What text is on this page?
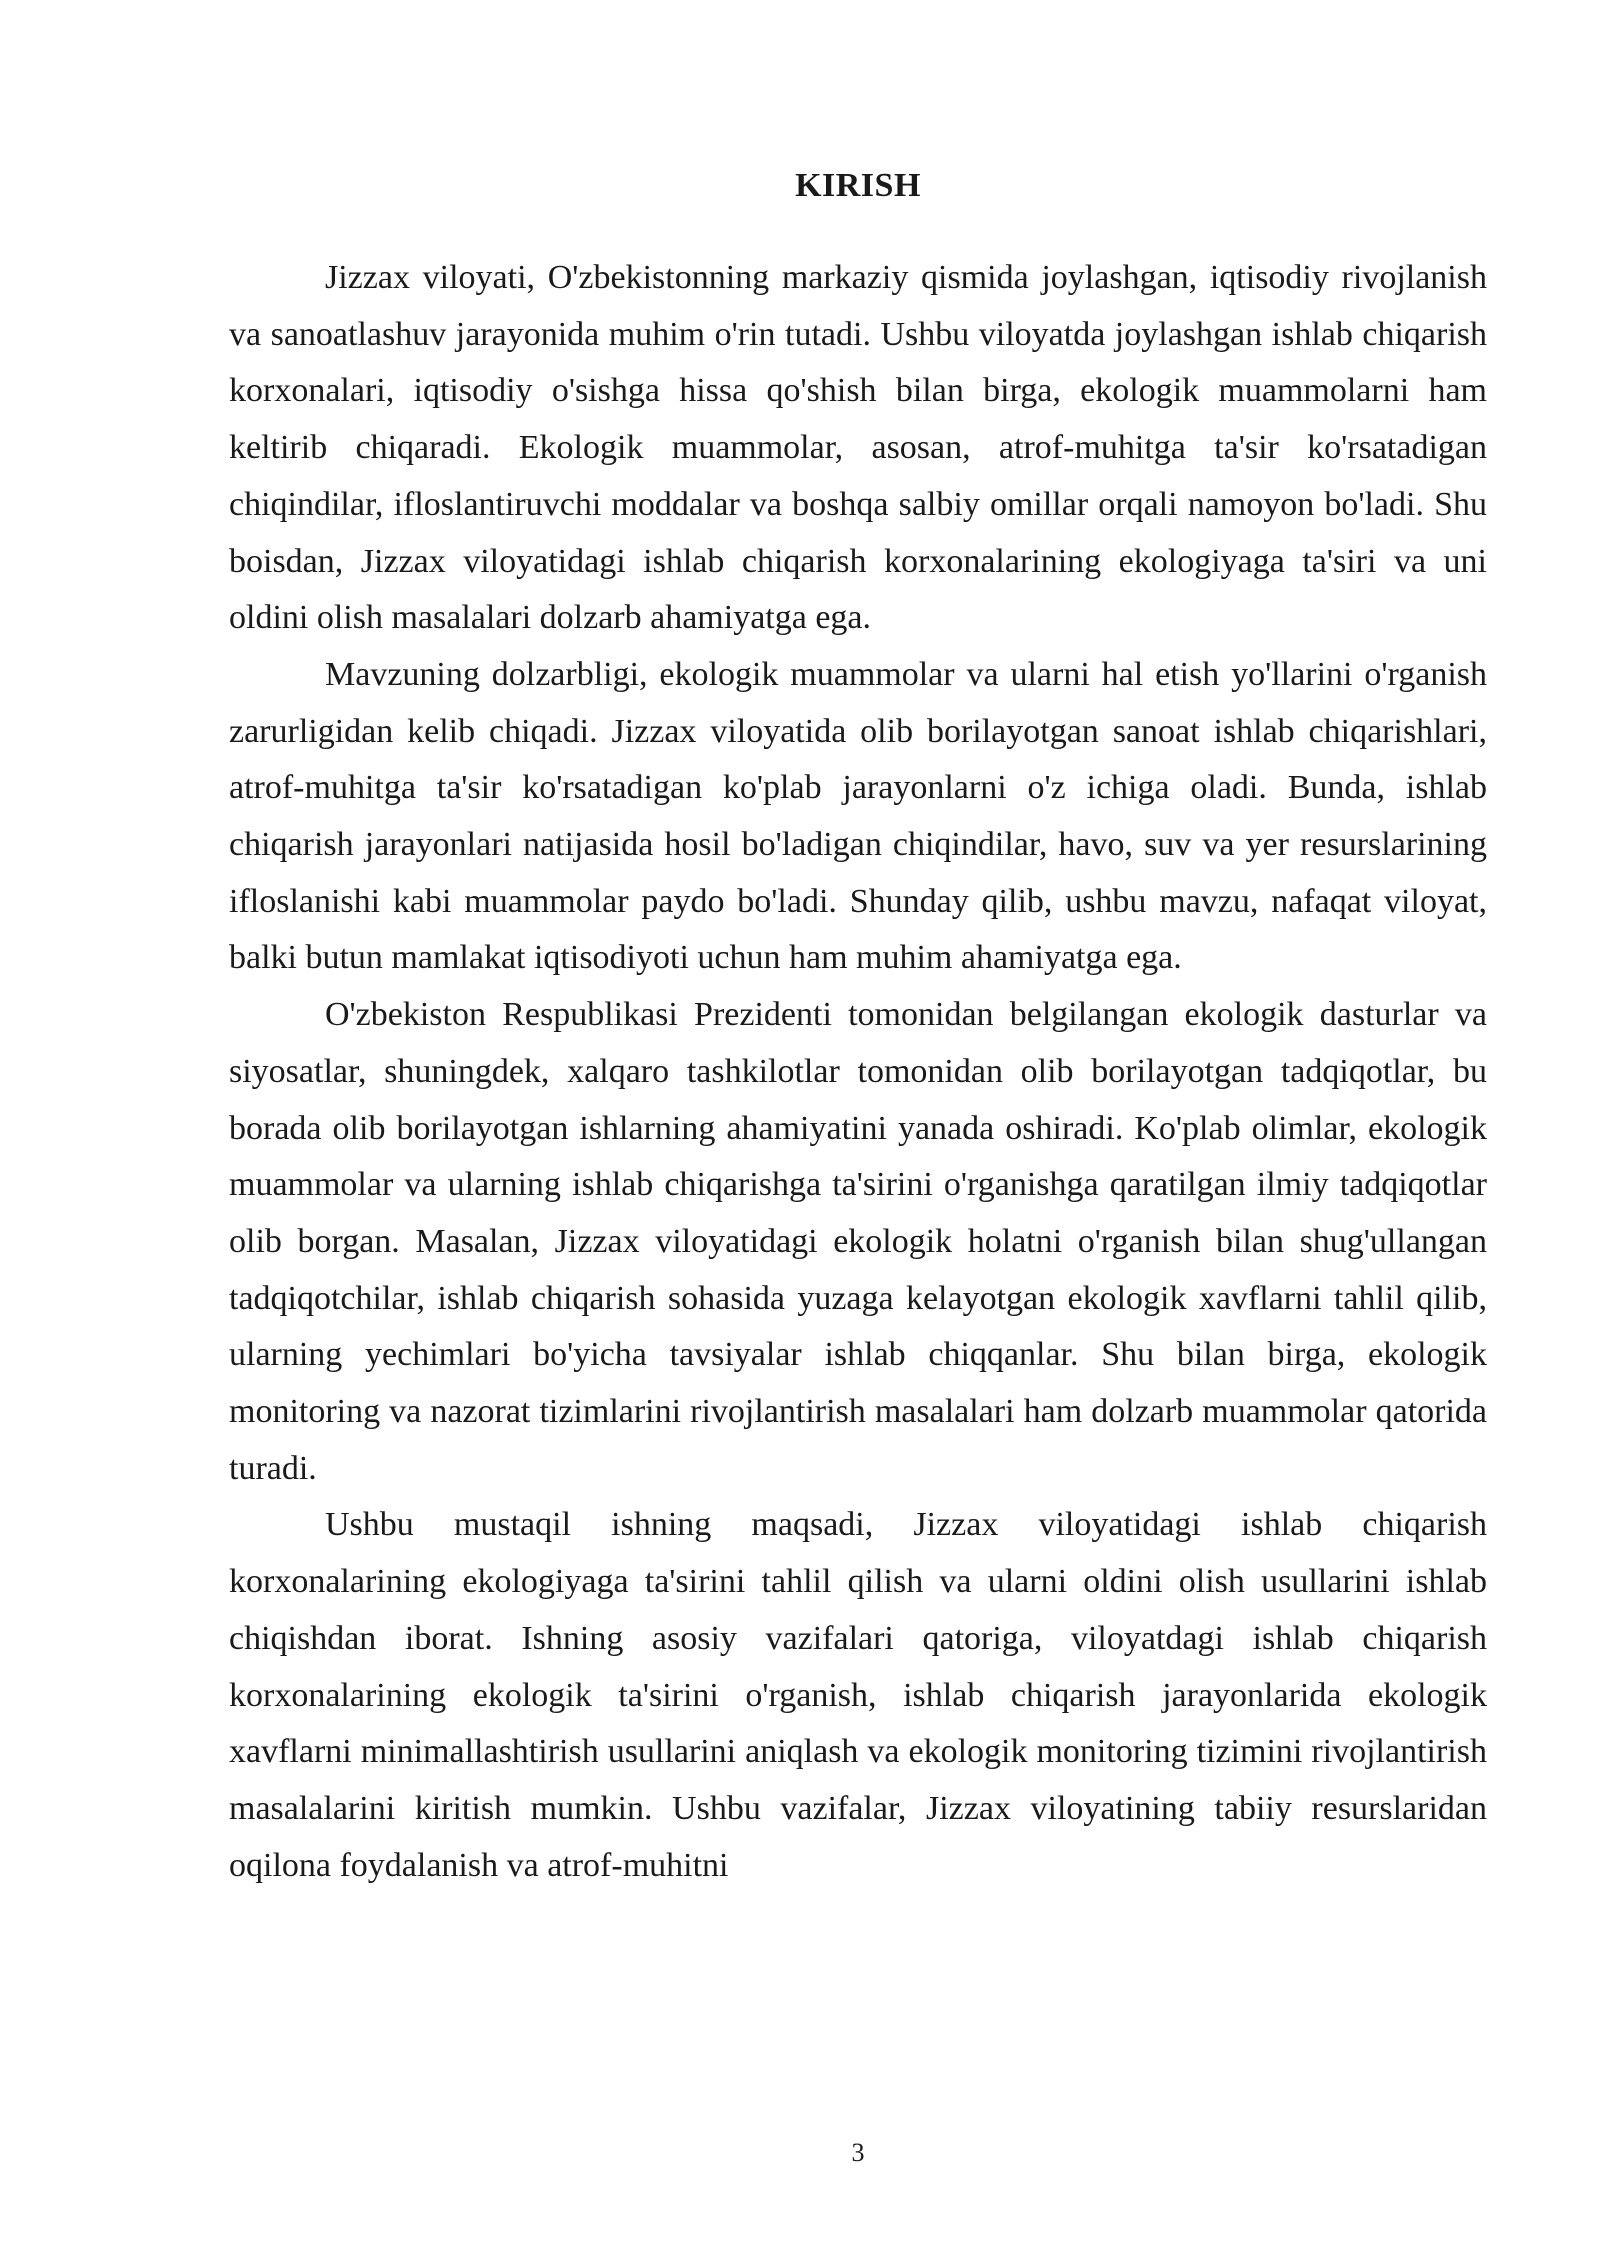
KIRISH

Jizzax viloyati, O'zbekistonning markaziy qismida joylashgan, iqtisodiy rivojlanish va sanoatlashuv jarayonida muhim o'rin tutadi. Ushbu viloyatda joylashgan ishlab chiqarish korxonalari, iqtisodiy o'sishga hissa qo'shish bilan birga, ekologik muammolarni ham keltirib chiqaradi. Ekologik muammolar, asosan, atrof-muhitga ta'sir ko'rsatadigan chiqindilar, ifloslantiruvchi moddalar va boshqa salbiy omillar orqali namoyon bo'ladi. Shu boisdan, Jizzax viloyatidagi ishlab chiqarish korxonalarining ekologiyaga ta'siri va uni oldini olish masalalari dolzarb ahamiyatga ega.

Mavzuning dolzarbligi, ekologik muammolar va ularni hal etish yo'llarini o'rganish zarurligidan kelib chiqadi. Jizzax viloyatida olib borilayotgan sanoat ishlab chiqarishlari, atrof-muhitga ta'sir ko'rsatadigan ko'plab jarayonlarni o'z ichiga oladi. Bunda, ishlab chiqarish jarayonlari natijasida hosil bo'ladigan chiqindilar, havo, suv va yer resurslarining ifloslanishi kabi muammolar paydo bo'ladi. Shunday qilib, ushbu mavzu, nafaqat viloyat, balki butun mamlakat iqtisodiyoti uchun ham muhim ahamiyatga ega.

O'zbekiston Respublikasi Prezidenti tomonidan belgilangan ekologik dasturlar va siyosatlar, shuningdek, xalqaro tashkilotlar tomonidan olib borilayotgan tadqiqotlar, bu borada olib borilayotgan ishlarning ahamiyatini yanada oshiradi. Ko'plab olimlar, ekologik muammolar va ularning ishlab chiqarishga ta'sirini o'rganishga qaratilgan ilmiy tadqiqotlar olib borgan. Masalan, Jizzax viloyatidagi ekologik holatni o'rganish bilan shug'ullangan tadqiqotchilar, ishlab chiqarish sohasida yuzaga kelayotgan ekologik xavflarni tahlil qilib, ularning yechimlari bo'yicha tavsiyalar ishlab chiqqanlar. Shu bilan birga, ekologik monitoring va nazorat tizimlarini rivojlantirish masalalari ham dolzarb muammolar qatorida turadi.

Ushbu mustaqil ishning maqsadi, Jizzax viloyatidagi ishlab chiqarish korxonalarining ekologiyaga ta'sirini tahlil qilish va ularni oldini olish usullarini ishlab chiqishdan iborat. Ishning asosiy vazifalari qatoriga, viloyatdagi ishlab chiqarish korxonalarining ekologik ta'sirini o'rganish, ishlab chiqarish jarayonlarida ekologik xavflarni minimallashtirish usullarini aniqlash va ekologik monitoring tizimini rivojlantirish masalalarini kiritish mumkin. Ushbu vazifalar, Jizzax viloyatining tabiiy resurslaridan oqilona foydalanish va atrof-muhitni

3
